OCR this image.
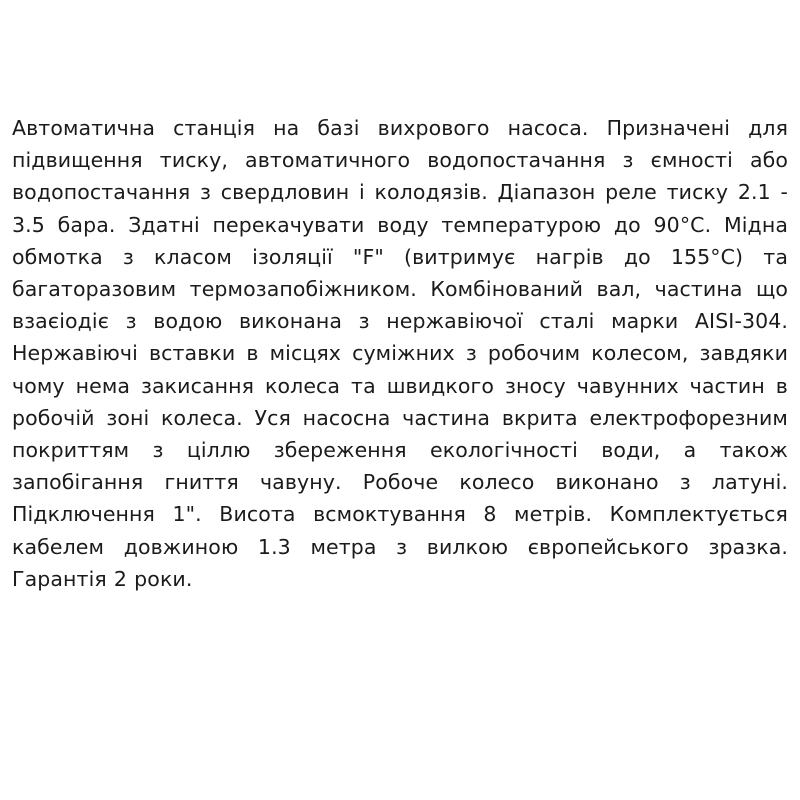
Автоматична станція на базі вихрового насоса. Призначені для підвищення тиску, автоматичного водопостачання з ємності або водопостачання з свердловин і колодязів. Діапазон реле тиску 2.1 - 3.5 бара. Здатні перекачувати воду температурою до 90°C. Мідна обмотка з класом ізоляції "F" (витримує нагрів до 155°C) та багаторазовим термозапобіжником. Комбінований вал, частина що взаєіодіє з водою виконана з нержавіючої сталі марки AISI-304. Нержавіючі вставки в місцях суміжних з робочим колесом, завдяки чому нема закисання колеса та швидкого зносу чавунних частин в робочій зоні колеса. Уся насосна частина вкрита електрофорезним покриттям з ціллю збереження екологічності води, а також запобігання гниття чавуну. Робоче колесо виконано з латуні. Підключення 1". Висота всмоктування 8 метрів. Комплектується кабелем довжиною 1.3 метра з вилкою європейського зразка. Гарантія 2 роки.
